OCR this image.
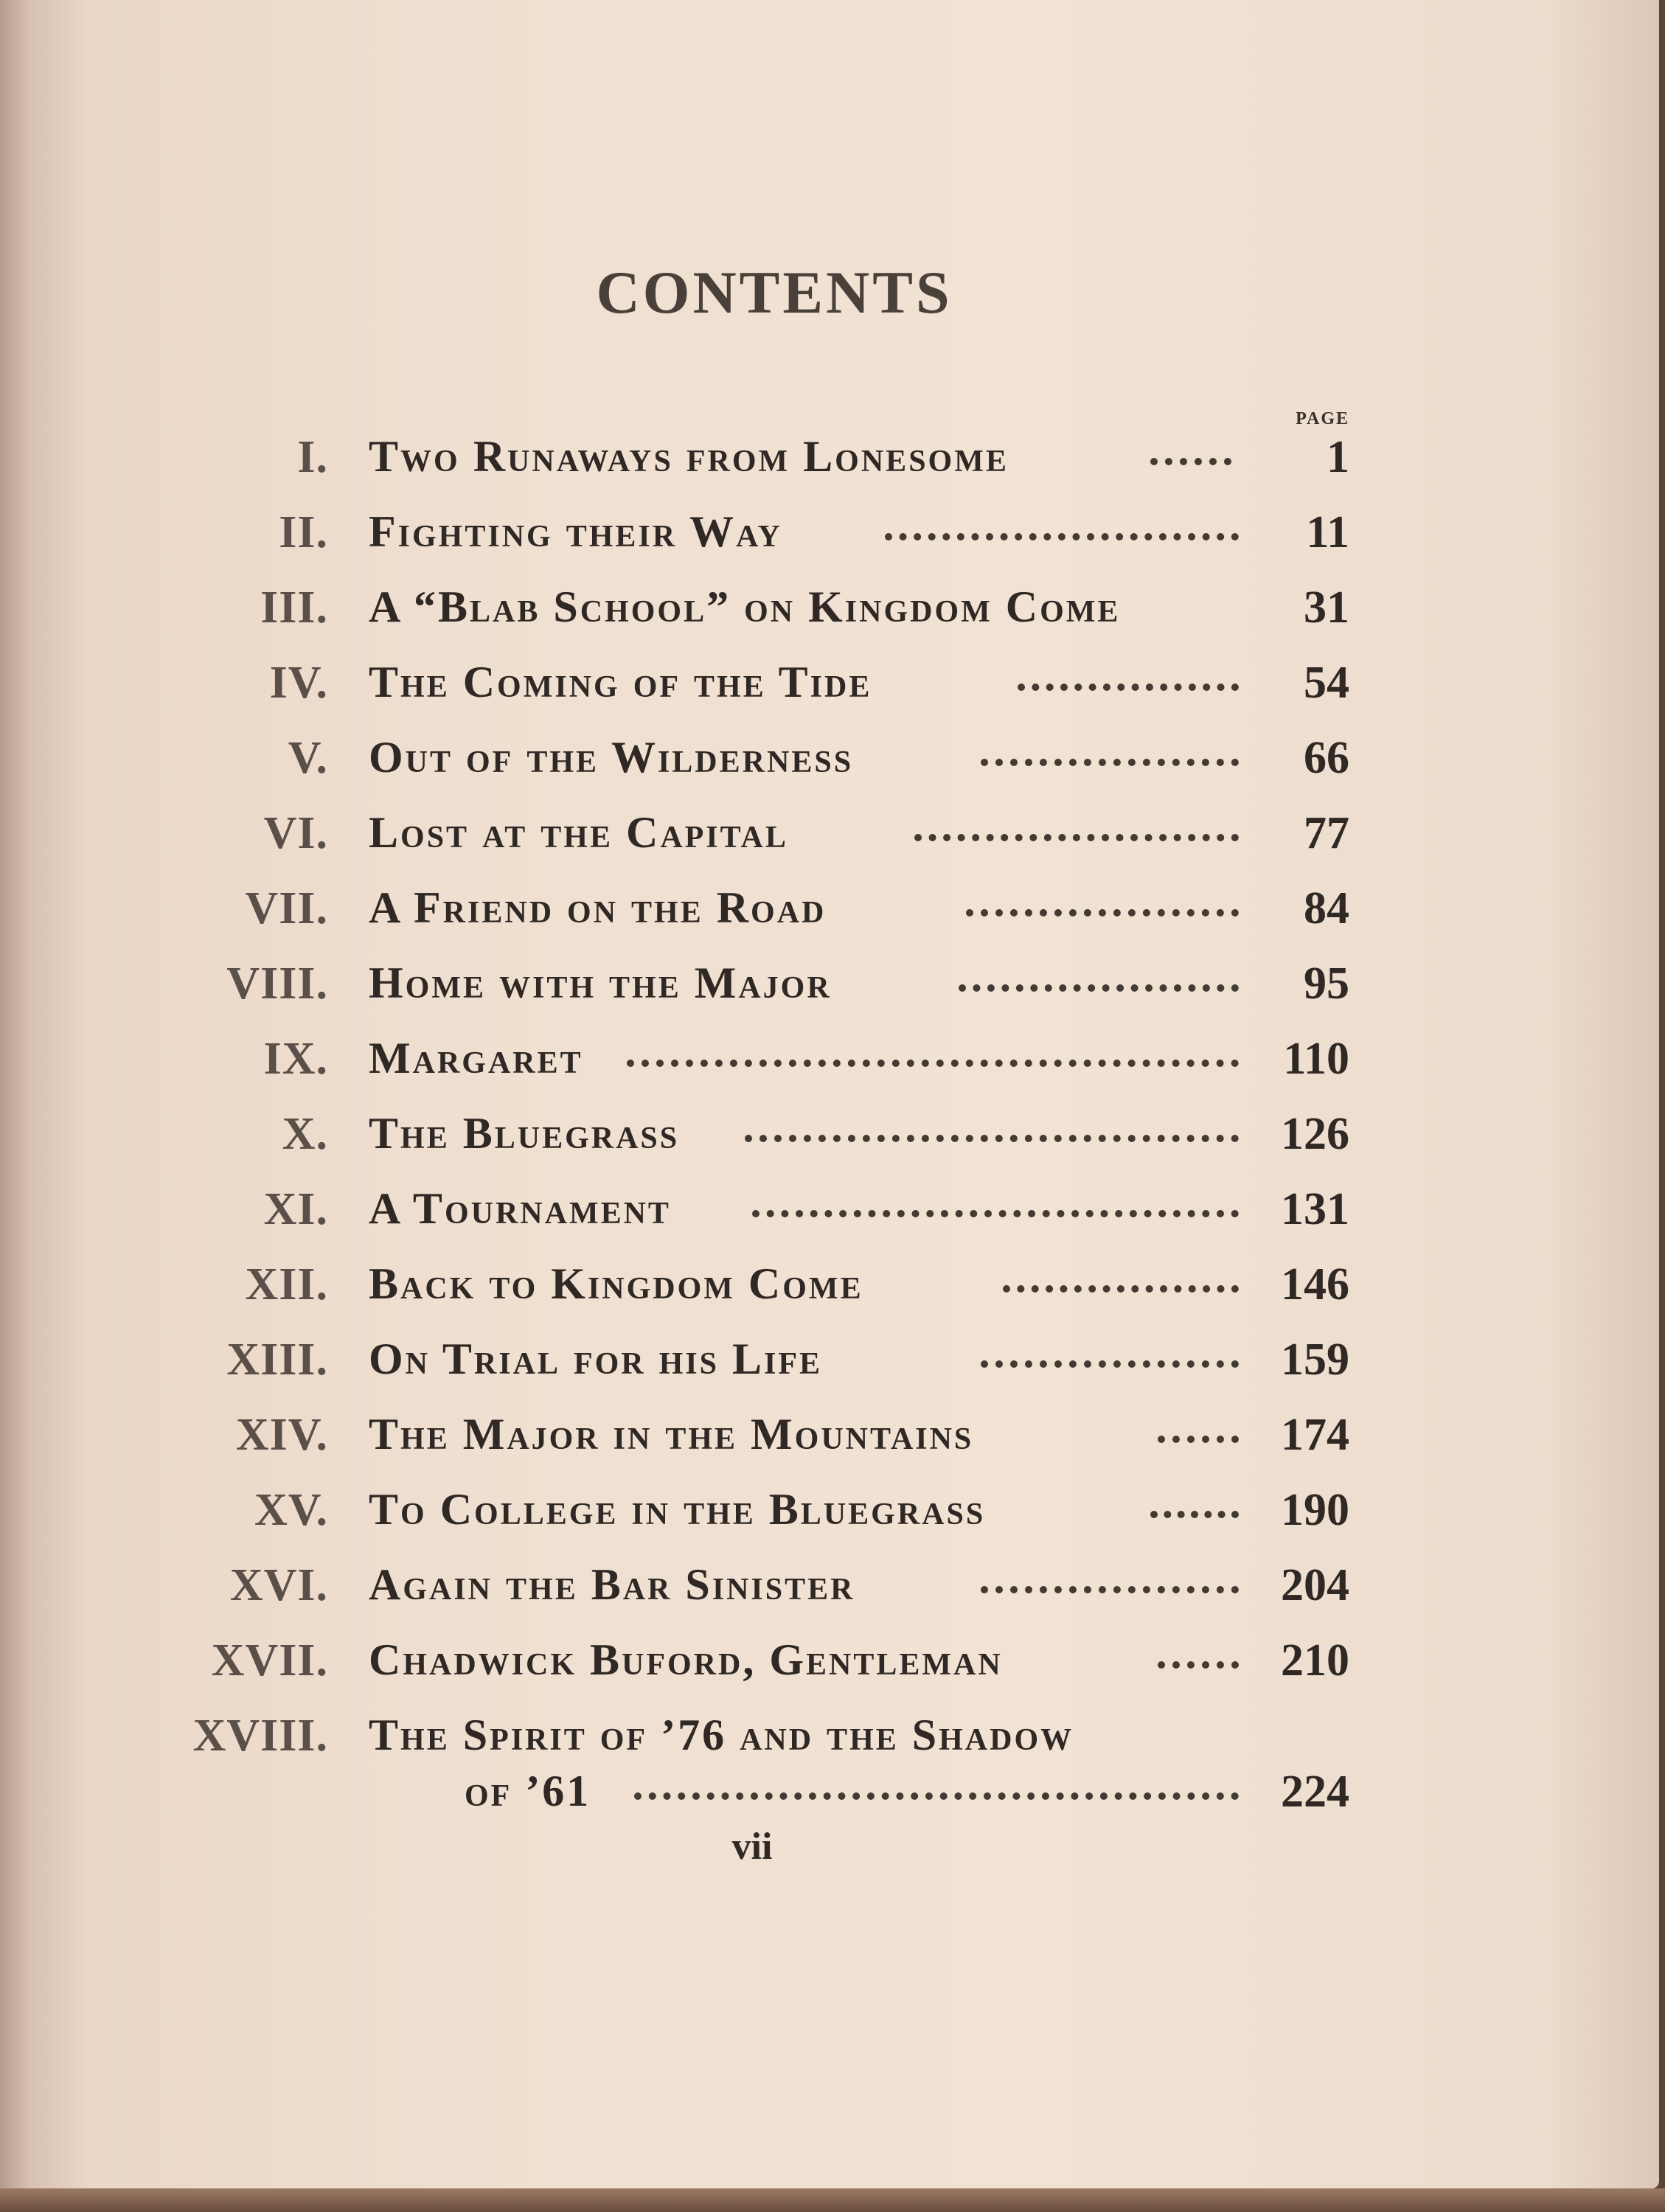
CONTENTS
PAGE
I. Two Runaways from Lonesome	1
II. Fighting their Way	11
III. A “Blab School” on Kingdom Come	31
IV. The Coming of the Tide	54
V. Out of the Wilderness	66
VI. Lost at the Capital	77
VII. A Friend on the Road	84
VIII. Home with the Major	95
IX. Margaret	110
X. The Bluegrass	126
XI. A Tournament	131
XII. Back to Kingdom Come	146
XIII. On Trial for his Life	159
XIV. The Major in the Mountains	174
XV. To College in the Bluegrass	190
XVI. Again the Bar Sinister	204
XVII. Chadwick Buford, Gentleman	210
XVIII. The Spirit of ’76 and the Shadow
of ’61	224
vii
